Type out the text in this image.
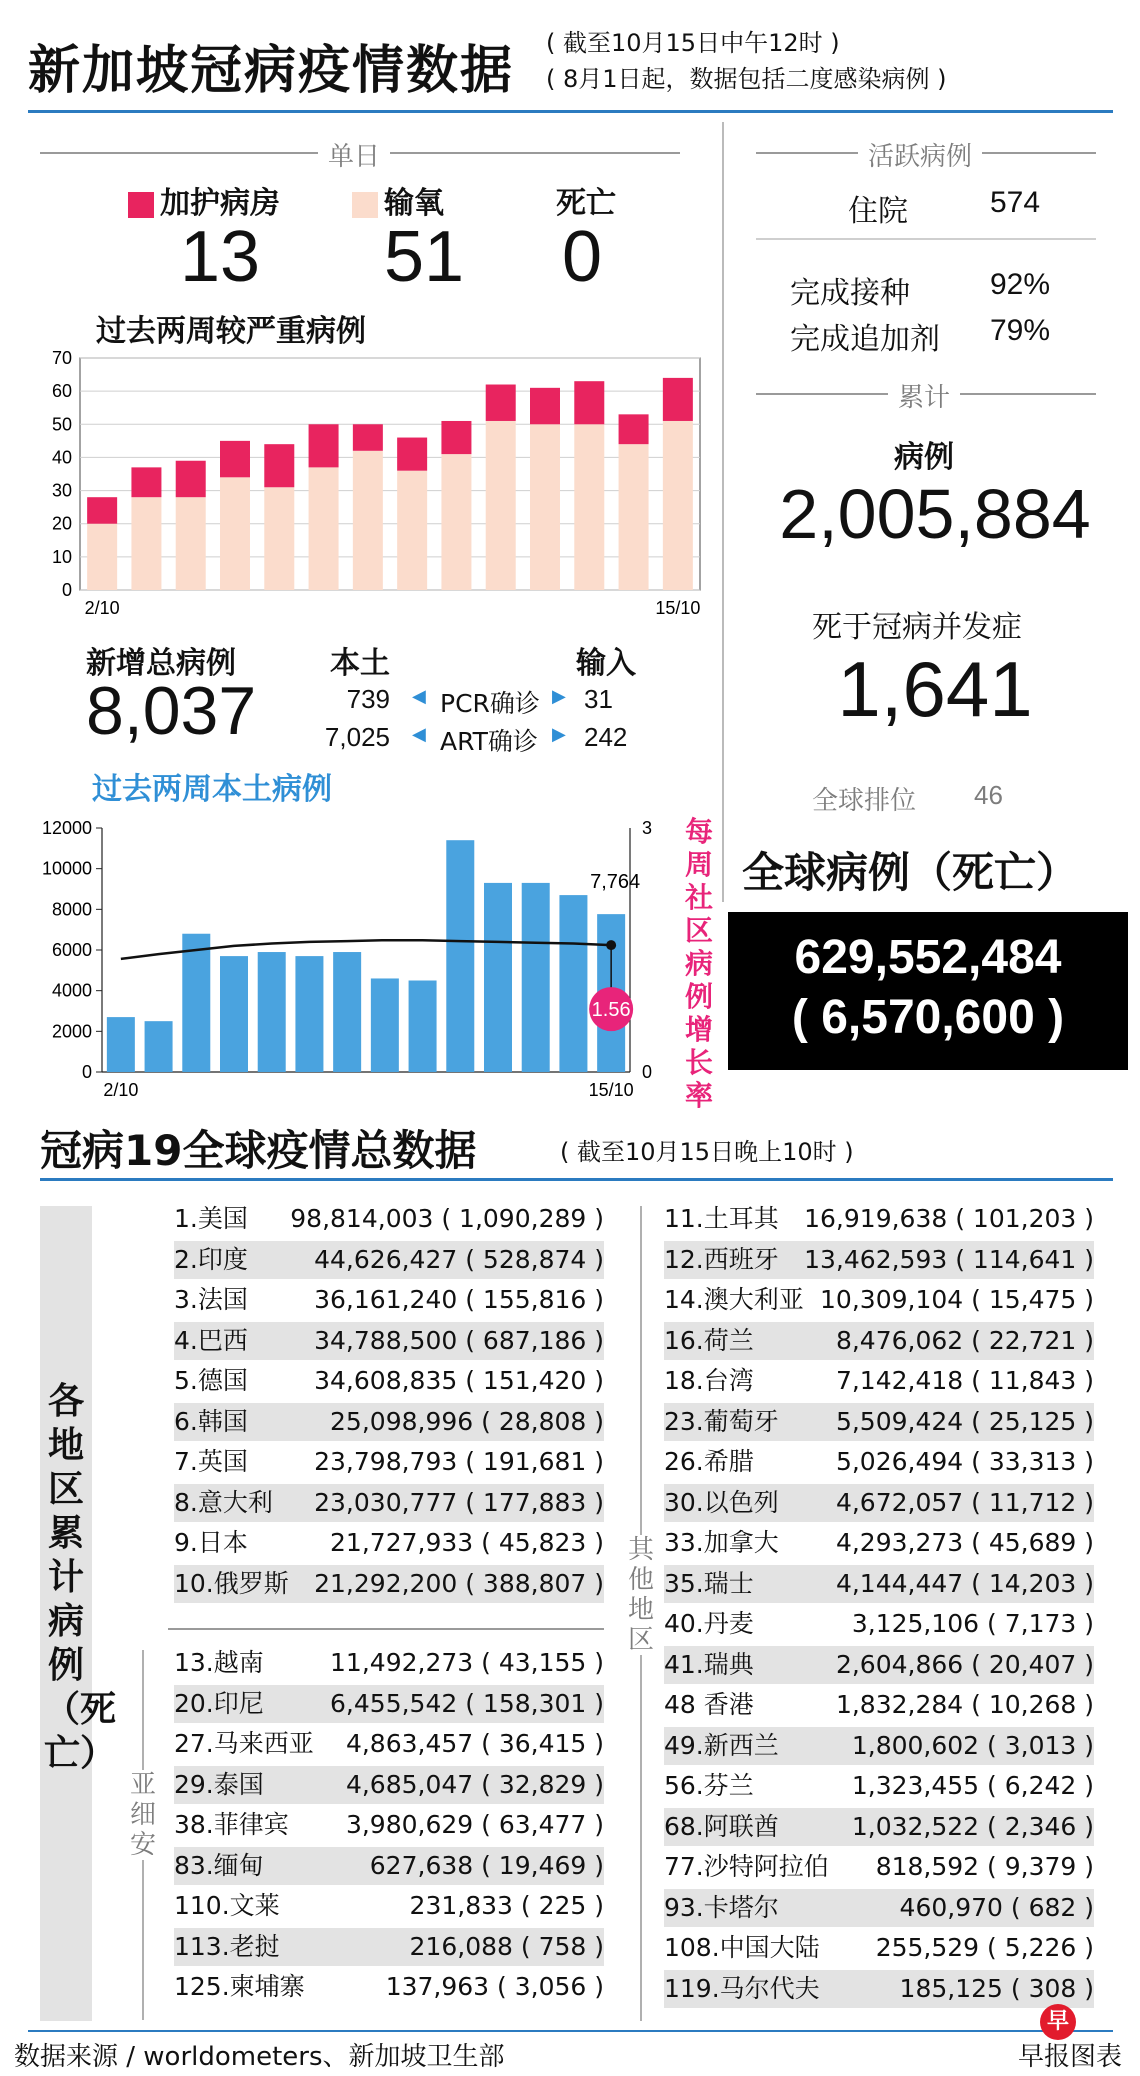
新加坡冠病疫情数据 ( 截至10月15日中午12时 )
( 8月1日起，数据包括二度感染病例 )
单日
加护病房	输氧	死亡
13 51 0
过去两周较严重病例
0
10
20
30
40
50
60
70
2/10	15/10
新增总病例
8,037
本土	输入
739 ◀ PCR确诊 ▶ 31
7,025 ◀ ART确诊 ▶ 242
过去两周本土病例
0
2000
4000
6000
8000
10000
12000
0
3
2/10	15/10
1.56
7,764
每周社区病例增长率
活跃病例
住院	574
完成接种	92%
完成追加剂 79%
累计
病例
2,005,884
死于冠病并发症
1,641
全球排位 46
全球病例（死亡）
629,552,484
( 6,570,600 )
冠病19全球疫情总数据	( 截至10月15日晚上10时 )
各地区累计病例（死亡）
1.美国 98,814,003 ( 1,090,289 )
2.印度	44,626,427 ( 528,874 )
3.法国	36,161,240 ( 155,816 )
4.巴西	34,788,500 ( 687,186 )
5.德国	34,608,835 ( 151,420 )
6.韩国	25,098,996 ( 28,808 )
7.英国	23,798,793 ( 191,681 )
8.意大利 23,030,777 ( 177,883 )
9.日本	21,727,933 ( 45,823 )
10.俄罗斯 21,292,200 ( 388,807 )
亚细安
13.越南	11,492,273 ( 43,155 )
20.印尼	6,455,542 ( 158,301 )
27.马来西亚 4,863,457 ( 36,415 )
29.泰国	4,685,047 ( 32,829 )
38.菲律宾 3,980,629 ( 63,477 )
83.缅甸	627,638 ( 19,469 )
110.文莱	231,833 ( 225 )
113.老挝	216,088 ( 758 )
125.柬埔寨	137,963 ( 3,056 )
其他地区
11.土耳其 16,919,638 ( 101,203 )
12.西班牙 13,462,593 ( 114,641 )
14.澳大利亚 10,309,104 ( 15,475 )
16.荷兰	8,476,062 ( 22,721 )
18.台湾	7,142,418 ( 11,843 )
23.葡萄牙 5,509,424 ( 25,125 )
26.希腊	5,026,494 ( 33,313 )
30.以色列 4,672,057 ( 11,712 )
33.加拿大 4,293,273 ( 45,689 )
35.瑞士	4,144,447 ( 14,203 )
40.丹麦	3,125,106 ( 7,173 )
41.瑞典	2,604,866 ( 20,407 )
48 香港	1,832,284 ( 10,268 )
49.新西兰	1,800,602 ( 3,013 )
56.芬兰	1,323,455 ( 6,242 )
68.阿联酋	1,032,522 ( 2,346 )
77.沙特阿拉伯 818,592 ( 9,379 )
93.卡塔尔	460,970 ( 682 )
108.中国大陆 255,529 ( 5,226 )
119.马尔代夫	185,125 ( 308 )
数据来源 / worldometers、新加坡卫生部	早报图表
早
